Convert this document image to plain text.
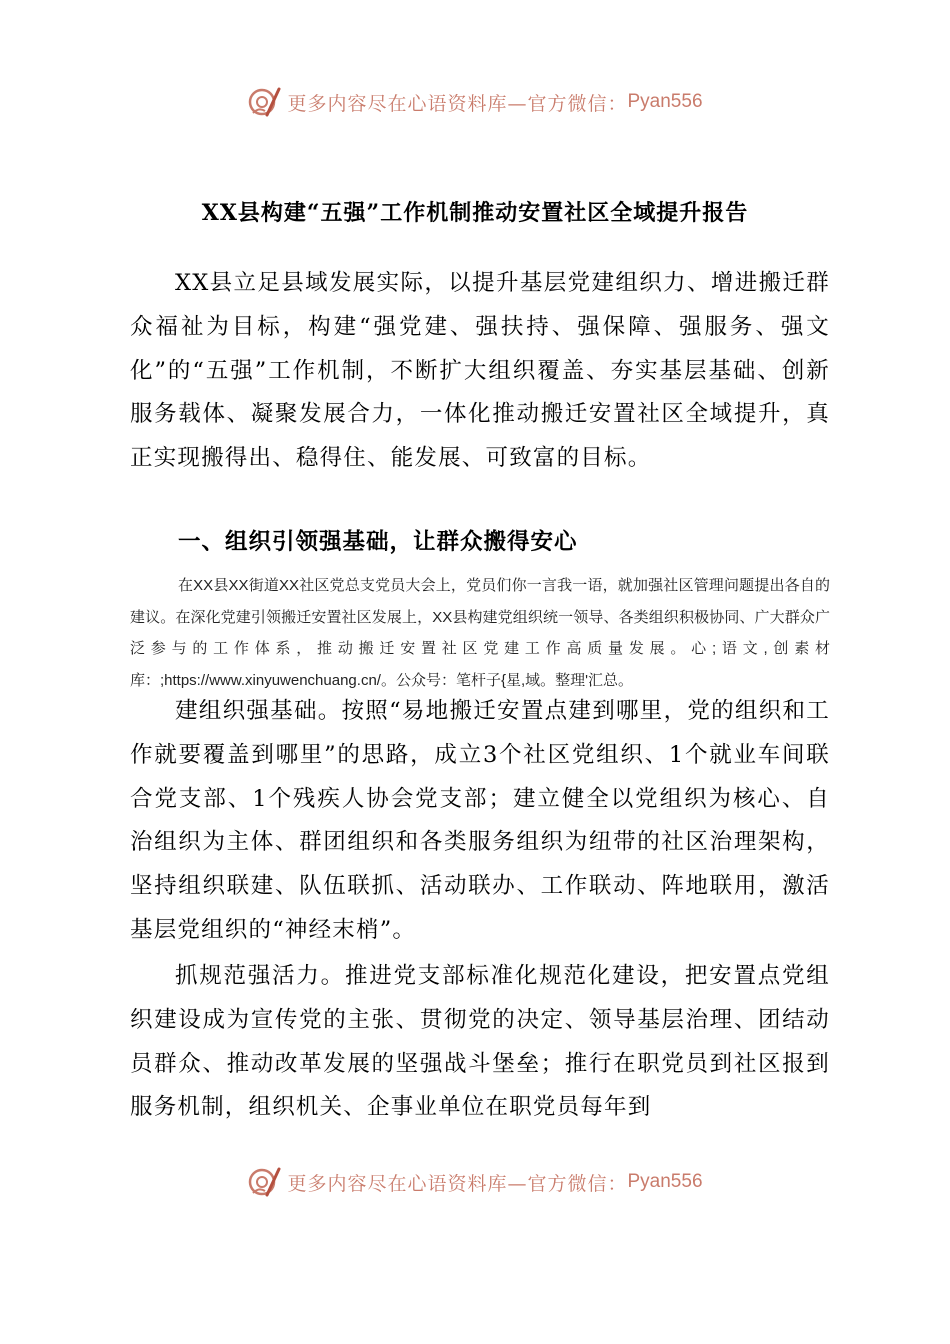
更多内容尽在心语资料库—官方微信： Pyan556
XX县构建“五强”工作机制推动安置社区全域提升报告

XX县立足县域发展实际，以提升基层党建组织力、增进搬迁群众福祉为目标，构建“强党建、强扶持、强保障、强服务、强文化”的“五强”工作机制，不断扩大组织覆盖、夯实基层基础、创新服务载体、凝聚发展合力，一体化推动搬迁安置社区全域提升，真正实现搬得出、稳得住、能发展、可致富的目标。

一、组织引领强基础，让群众搬得安心

在XX县XX街道XX社区党总支党员大会上，党员们你一言我一语，就加强社区管理问题提出各自的建议。在深化党建引领搬迁安置社区发展上，XX县构建党组织统一领导、各类组织积极协同、广大群众广泛参与的工作体系，推动搬迁安置社区党建工作高质量发展。心;语文,创素材库：;https://www.xinyuwenchuang.cn/。公众号：笔杆子{星,域。整理'汇总。

建组织强基础。按照“易地搬迁安置点建到哪里，党的组织和工作就要覆盖到哪里”的思路，成立3个社区党组织、1个就业车间联合党支部、1个残疾人协会党支部；建立健全以党组织为核心、自治组织为主体、群团组织和各类服务组织为纽带的社区治理架构，坚持组织联建、队伍联抓、活动联办、工作联动、阵地联用，激活基层党组织的“神经末梢”。

抓规范强活力。推进党支部标准化规范化建设，把安置点党组织建设成为宣传党的主张、贯彻党的决定、领导基层治理、团结动员群众、推动改革发展的坚强战斗堡垒；推行在职党员到社区报到服务机制，组织机关、企事业单位在职党员每年到

更多内容尽在心语资料库—官方微信： Pyan556
